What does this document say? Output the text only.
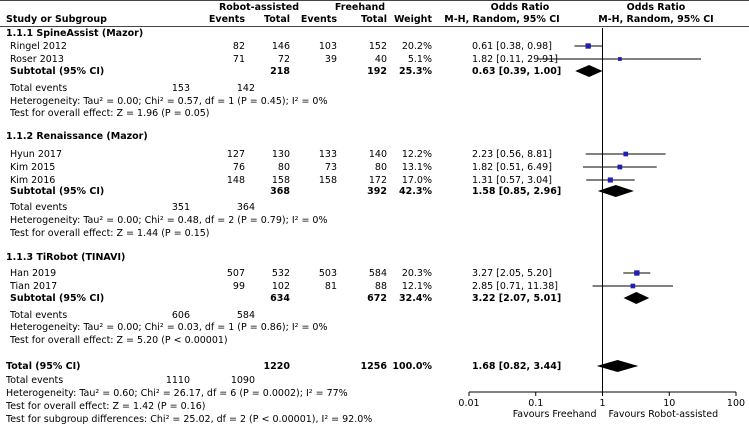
Robot-assisted	Freehand	Odds Ratio	Odds Ratio
Study or Subgroup	Events	Total	Events	Total Weight	M-H, Random, 95% CI	M-H, Random, 95% CI
1.1.1 SpineAssist (Mazor)
Ringel 2012	82	146	103	152	20.2%	0.61 [0.38, 0.98]
Roser 2013	71	72	39	40	5.1%	1.82 [0.11, 29.91]
Subtotal (95% CI)	218	192	25.3%	0.63 [0.39, 1.00]
Total events	153	142
Heterogeneity: Tau² = 0.00; Chi² = 0.57, df = 1 (P = 0.45); I² = 0%
Test for overall effect: Z = 1.96 (P = 0.05)
1.1.2 Renaissance (Mazor)
Hyun 2017	127	130	133	140	12.2%	2.23 [0.56, 8.81]
Kim 2015	76	80	73	80	13.1%	1.82 [0.51, 6.49]
Kim 2016	148	158	158	172	17.0%	1.31 [0.57, 3.04]
Subtotal (95% CI)	368	392	42.3%	1.58 [0.85, 2.96]
Total events	351	364
Heterogeneity: Tau² = 0.00; Chi² = 0.48, df = 2 (P = 0.79); I² = 0%
Test for overall effect: Z = 1.44 (P = 0.15)
1.1.3 TiRobot (TINAVI)
Han 2019	507	532	503	584	20.3%	3.27 [2.05, 5.20]
Tian 2017	99	102	81	88	12.1%	2.85 [0.71, 11.38]
Subtotal (95% CI)	634	672	32.4%	3.22 [2.07, 5.01]
Total events	606	584
Heterogeneity: Tau² = 0.00; Chi² = 0.03, df = 1 (P = 0.86); I² = 0%
Test for overall effect: Z = 5.20 (P < 0.00001)
Total (95% CI)	1220	1256 100.0%	1.68 [0.82, 3.44]
Total events	1110	1090
Heterogeneity: Tau² = 0.60; Chi² = 26.17, df = 6 (P = 0.0002); I² = 77%
Test for overall effect: Z = 1.42 (P = 0.16)
Test for subgroup differences: Chi² = 25.02, df = 2 (P < 0.00001), I² = 92.0%
0.01	0.1	1	10	100
Favours Freehand Favours Robot-assisted
